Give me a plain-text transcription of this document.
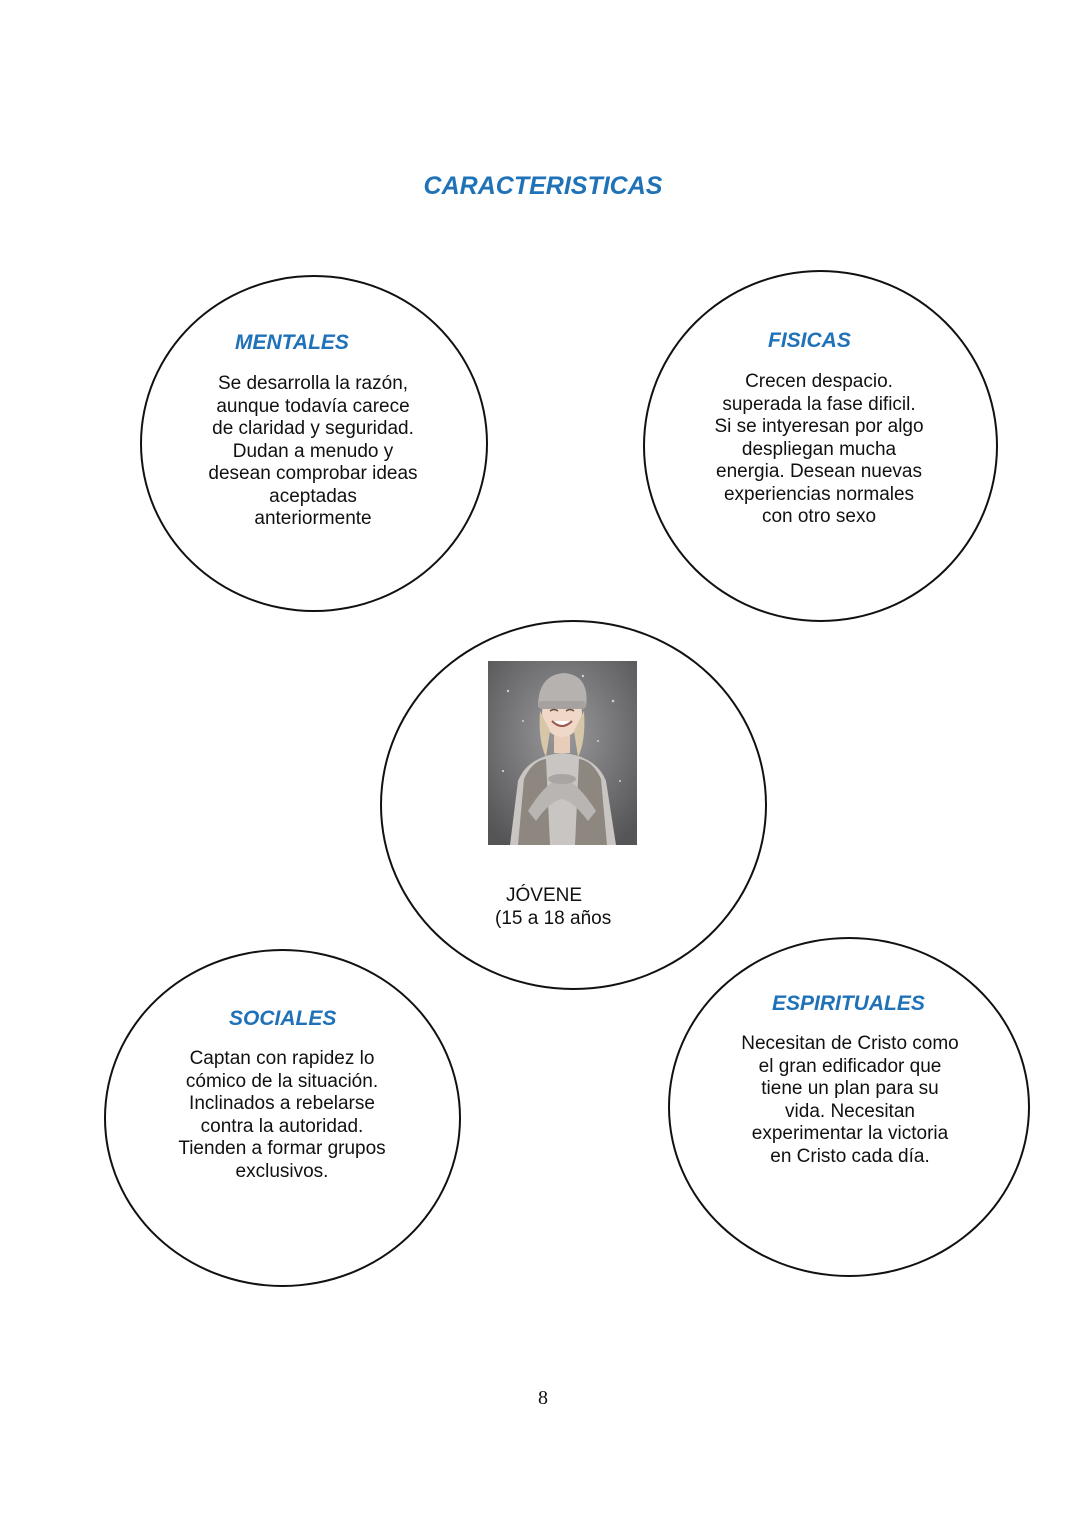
CARACTERISTICAS
MENTALES
Se desarrolla la razón,
aunque todavía carece
de claridad y seguridad.
Dudan a menudo y
desean comprobar ideas
aceptadas
anteriormente
FISICAS
Crecen despacio.
superada la fase dificil.
Si se intyeresan por algo
despliegan mucha
energia. Desean nuevas
experiencias normales
con otro sexo
JÓVENE
(15 a 18 años
SOCIALES
Captan con rapidez lo
cómico de la situación.
Inclinados a rebelarse
contra la autoridad.
Tienden a formar grupos
exclusivos.
ESPIRITUALES
Necesitan de Cristo como
el gran edificador que
tiene un plan para su
vida. Necesitan
experimentar la victoria
en Cristo cada día.
8
